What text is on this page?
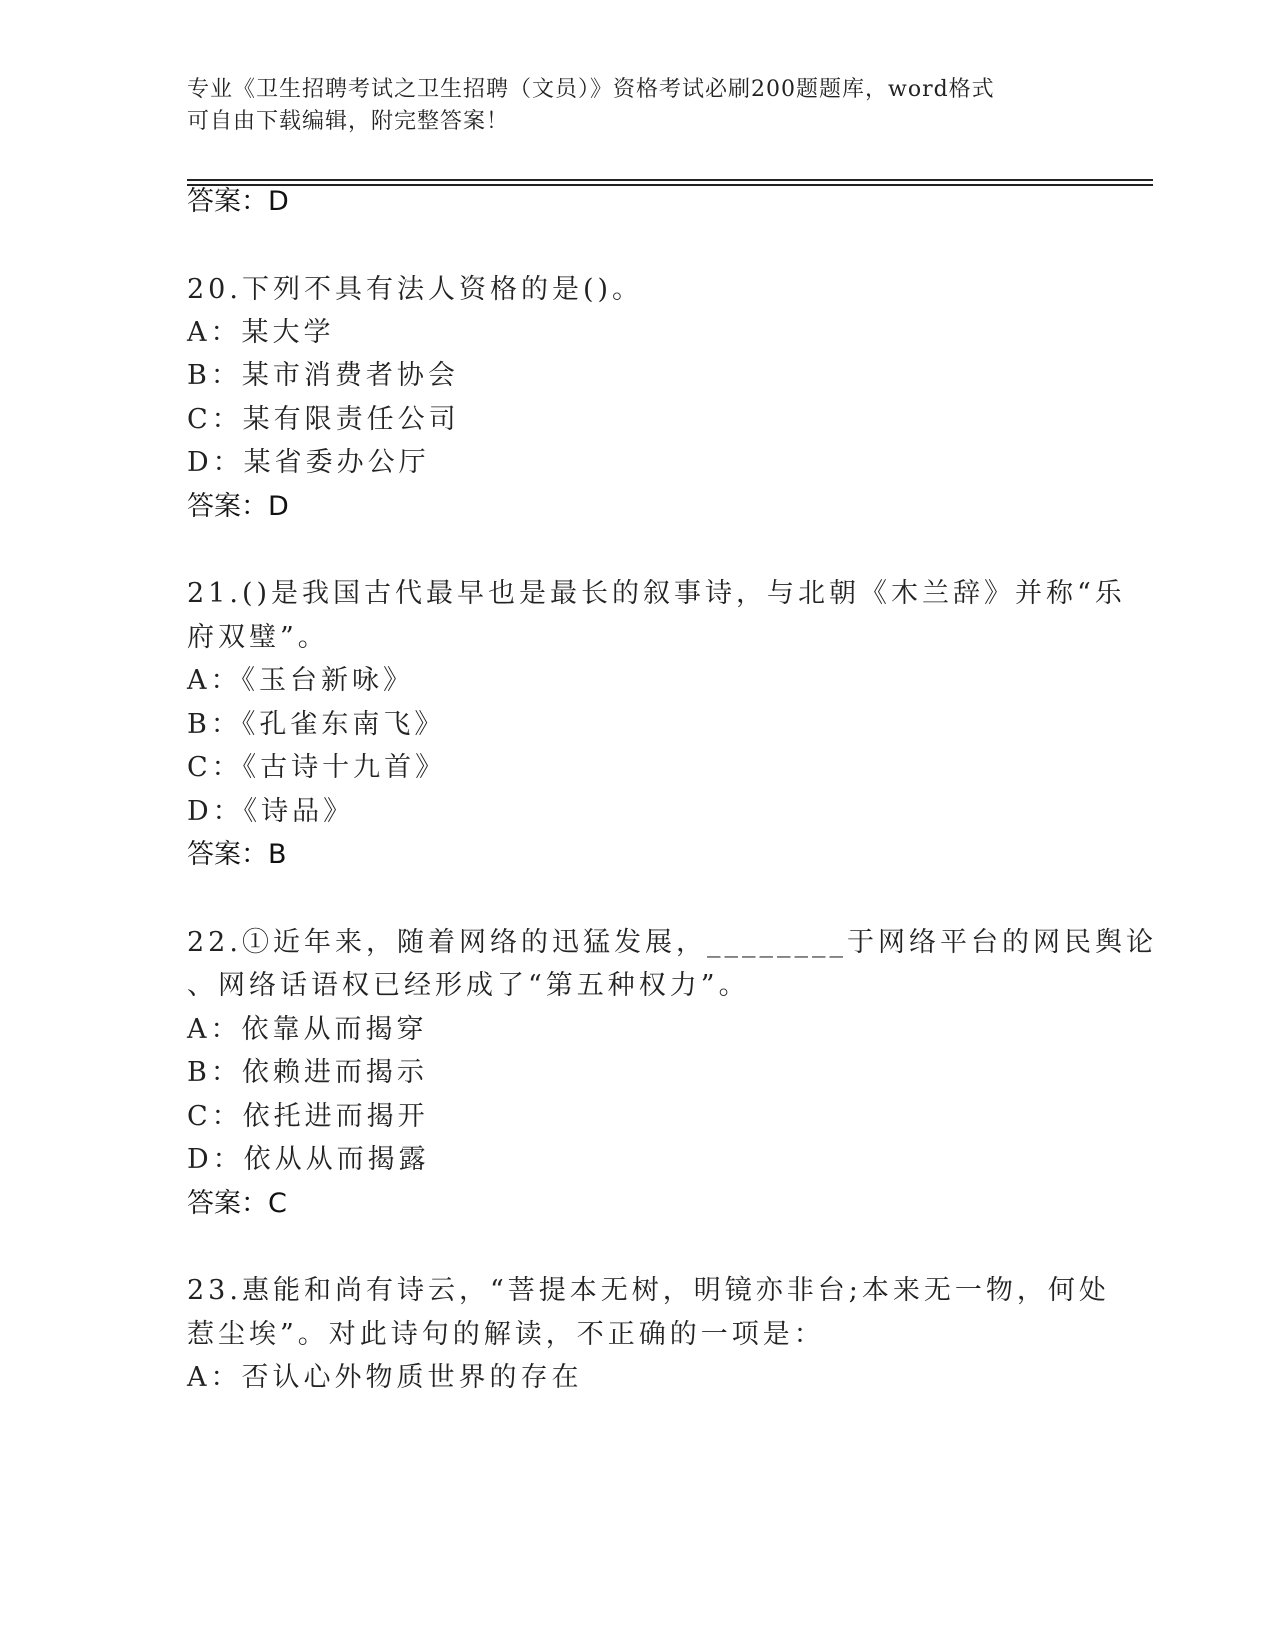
专业《卫生招聘考试之卫生招聘（文员）》资格考试必刷200题题库，word格式
可自由下载编辑，附完整答案！
答案：D
20.下列不具有法人资格的是()。
A：某大学
B：某市消费者协会
C：某有限责任公司
D：某省委办公厅
答案：D
21.()是我国古代最早也是最长的叙事诗，与北朝《木兰辞》并称“乐
府双璧”。
A：《玉台新咏》
B：《孔雀东南飞》
C：《古诗十九首》
D：《诗品》
答案：B
22.①近年来，随着网络的迅猛发展，________于网络平台的网民舆论
、网络话语权已经形成了“第五种权力”。
A：依靠从而揭穿
B：依赖进而揭示
C：依托进而揭开
D：依从从而揭露
答案：C
23.惠能和尚有诗云，“菩提本无树，明镜亦非台;本来无一物，何处
惹尘埃”。对此诗句的解读，不正确的一项是：
A：否认心外物质世界的存在
